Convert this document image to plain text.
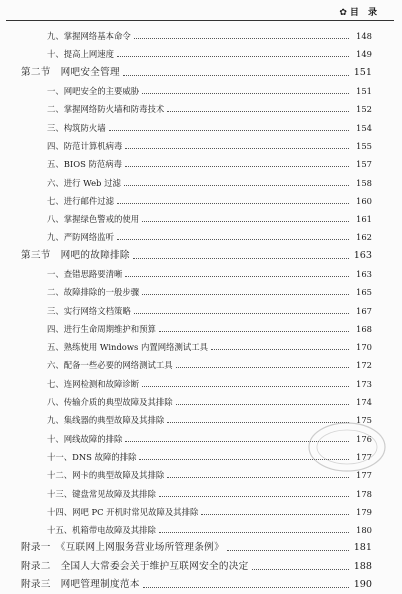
✿目 录
九、掌握网络基本命令	148
十、提高上网速度	149
第二节　网吧安全管理	151
一、网吧安全的主要威胁	151
二、掌握网络防火墙和防毒技术	152
三、构筑防火墙	154
四、防范计算机病毒	155
五、BIOS 防范病毒	157
六、进行 Web 过滤	158
七、进行邮件过滤	160
八、掌握绿色警戒的使用	161
九、严防网络监听	162
第三节　网吧的故障排除	163
一、查错思路要清晰	163
二、故障排除的一般步骤	165
三、实行网络文档策略	167
四、进行生命周期维护和预算	168
五、熟练使用 Windows 内置网络测试工具	170
六、配备一些必要的网络测试工具	172
七、连网检测和故障诊断	173
八、传输介质的典型故障及其排除	174
九、集线器的典型故障及其排除	175
十、网线故障的排除	176
十一、DNS 故障的排除	177
十二、网卡的典型故障及其排除	177
十三、键盘常见故障及其排除	178
十四、网吧 PC 开机时常见故障及其排除	179
十五、机箱带电故障及其排除	180
附录一　《互联网上网服务营业场所管理条例》	181
附录二　全国人大常委会关于维护互联网安全的决定	188
附录三　网吧管理制度范本	190
